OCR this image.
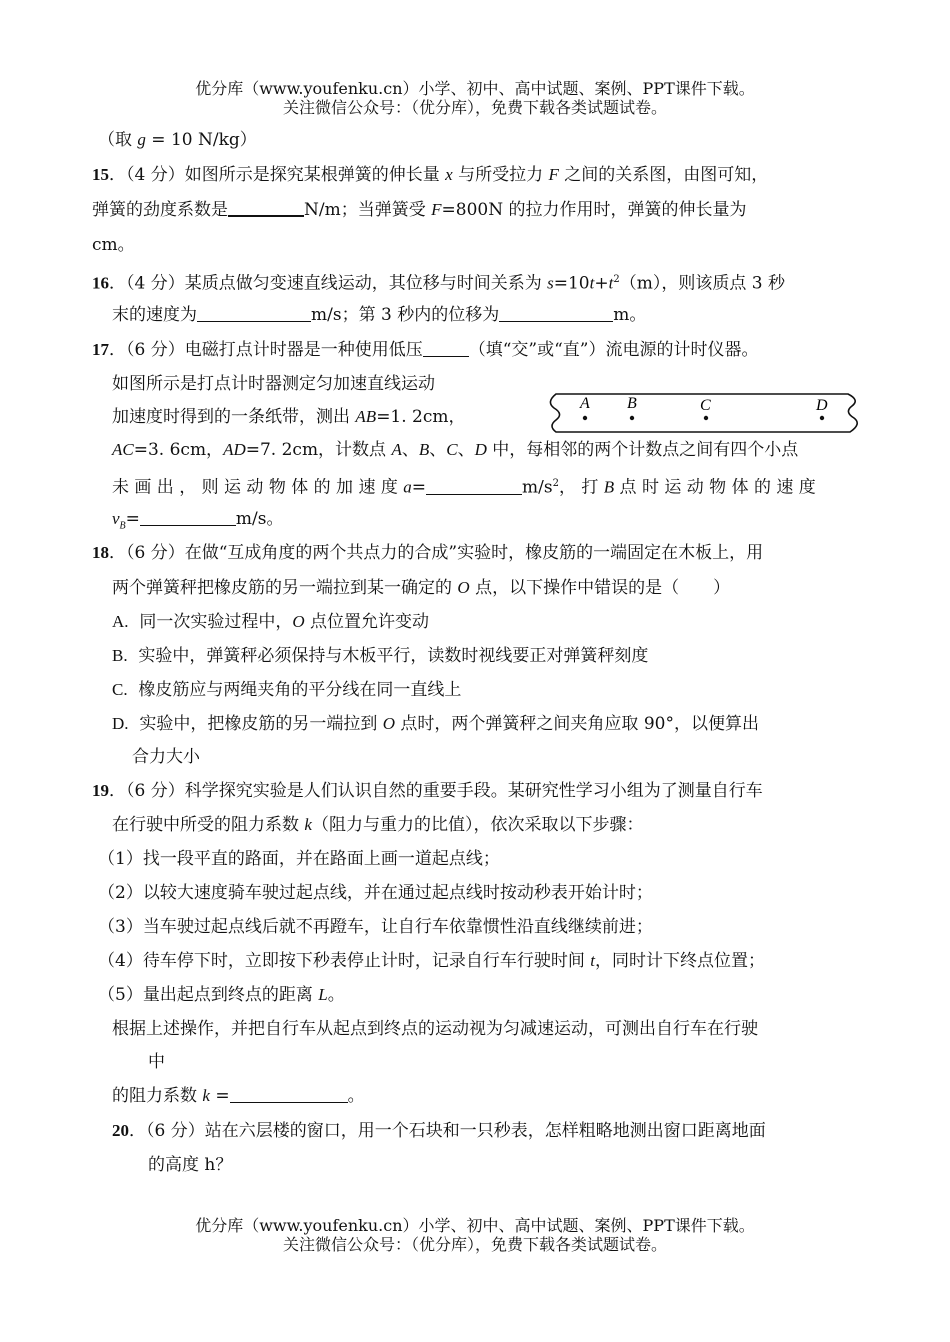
优分库（www.youfenku.cn）小学、初中、高中试题、案例、PPT课件下载。
关注微信公众号：（优分库），免费下载各类试题试卷。
（取 g = 10 N/kg）
15．（4 分）如图所示是探究某根弹簧的伸长量 x 与所受拉力 F 之间的关系图，由图可知，
弹簧的劲度系数是	N/m；当弹簧受 F=800N 的拉力作用时，弹簧的伸长量为
cm。
16．（4 分）某质点做匀变速直线运动，其位移与时间关系为 $s=10t+t^2(m)$，则该质点 3 秒
末的速度为	m/s；第 3 秒内的位移为	m。
17．（6 分）电磁打点计时器是一种使用低压	（填“交”或“直”）流电源的计时仪器。
如图所示是打点计时器测定匀加速直线运动
加速度时得到的一条纸带，测出 AB=1. 2cm，
A B	C	D
AC=3. 6cm，AD=7. 2cm，计数点 A、B、C、D 中，每相邻的两个计数点之间有四个小点
未 画 出 ， 则 运 动 物 体 的 加 速 度 a=	$m/s^2$， 打 B 点 时 运 动 物 体 的 速 度
$v_B=$	m/s。
18．（6 分）在做“互成角度的两个共点力的合成”实验时，橡皮筋的一端固定在木板上，用
两个弹簧秤把橡皮筋的另一端拉到某一确定的 O 点，以下操作中错误的是（　　）
A. 同一次实验过程中，O 点位置允许变动
B. 实验中，弹簧秤必须保持与木板平行，读数时视线要正对弹簧秤刻度
C. 橡皮筋应与两绳夹角的平分线在同一直线上
D. 实验中，把橡皮筋的另一端拉到 O 点时，两个弹簧秤之间夹角应取 90°，以便算出
合力大小
19．（6 分）科学探究实验是人们认识自然的重要手段。某研究性学习小组为了测量自行车
在行驶中所受的阻力系数 k（阻力与重力的比值），依次采取以下步骤：
（1）找一段平直的路面，并在路面上画一道起点线；
（2）以较大速度骑车驶过起点线，并在通过起点线时按动秒表开始计时；
（3）当车驶过起点线后就不再蹬车，让自行车依靠惯性沿直线继续前进；
（4）待车停下时，立即按下秒表停止计时，记录自行车行驶时间 t，同时计下终点位置；
（5）量出起点到终点的距离 L。
根据上述操作，并把自行车从起点到终点的运动视为匀减速运动，可测出自行车在行驶
中
的阻力系数 k =	。
20．（6 分）站在六层楼的窗口，用一个石块和一只秒表，怎样粗略地测出窗口距离地面
的高度 h？
优分库（www.youfenku.cn）小学、初中、高中试题、案例、PPT课件下载。
关注微信公众号：（优分库），免费下载各类试题试卷。
